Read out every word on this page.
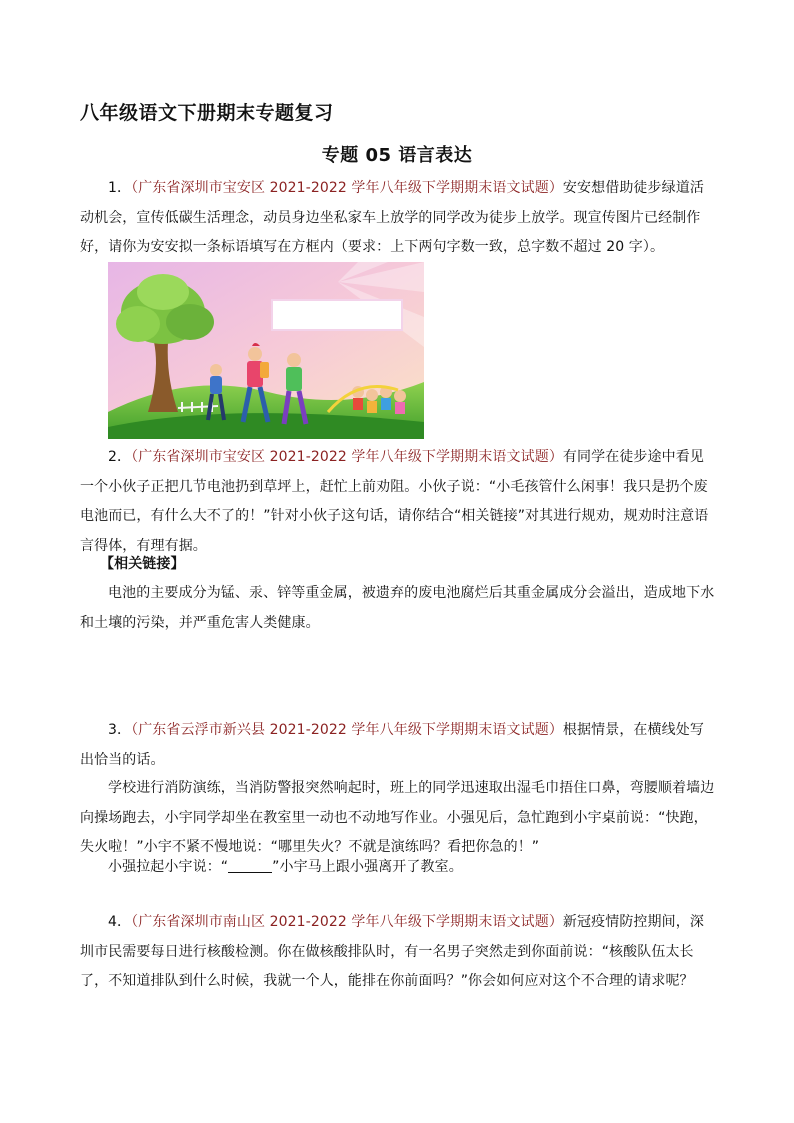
八年级语文下册期末专题复习
专题 05 语言表达
1．（广东省深圳市宝安区 2021-2022 学年八年级下学期期末语文试题）安安想借助徒步绿道活动机会，宣传低碳生活理念，动员身边坐私家车上放学的同学改为徒步上放学。现宣传图片已经制作好，请你为安安拟一条标语填写在方框内（要求：上下两句字数一致，总字数不超过 20 字）。
2．（广东省深圳市宝安区 2021-2022 学年八年级下学期期末语文试题）有同学在徒步途中看见一个小伙子正把几节电池扔到草坪上，赶忙上前劝阻。小伙子说：“小毛孩管什么闲事！我只是扔个废电池而已，有什么大不了的！”针对小伙子这句话，请你结合“相关链接”对其进行规劝，规劝时注意语言得体，有理有据。
【相关链接】
电池的主要成分为锰、汞、锌等重金属，被遗弃的废电池腐烂后其重金属成分会溢出，造成地下水和土壤的污染，并严重危害人类健康。
3．（广东省云浮市新兴县 2021-2022 学年八年级下学期期末语文试题）根据情景，在横线处写出恰当的话。
学校进行消防演练，当消防警报突然响起时，班上的同学迅速取出湿毛巾捂住口鼻，弯腰顺着墙边向操场跑去，小宇同学却坐在教室里一动也不动地写作业。小强见后，急忙跑到小宇桌前说：“快跑，失火啦！”小宇不紧不慢地说：“哪里失火？不就是演练吗？看把你急的！”
小强拉起小宇说：“	”小宇马上跟小强离开了教室。
4．（广东省深圳市南山区 2021-2022 学年八年级下学期期末语文试题）新冠疫情防控期间，深圳市民需要每日进行核酸检测。你在做核酸排队时，有一名男子突然走到你面前说：“核酸队伍太长了，不知道排队到什么时候，我就一个人，能排在你前面吗？”你会如何应对这个不合理的请求呢？
